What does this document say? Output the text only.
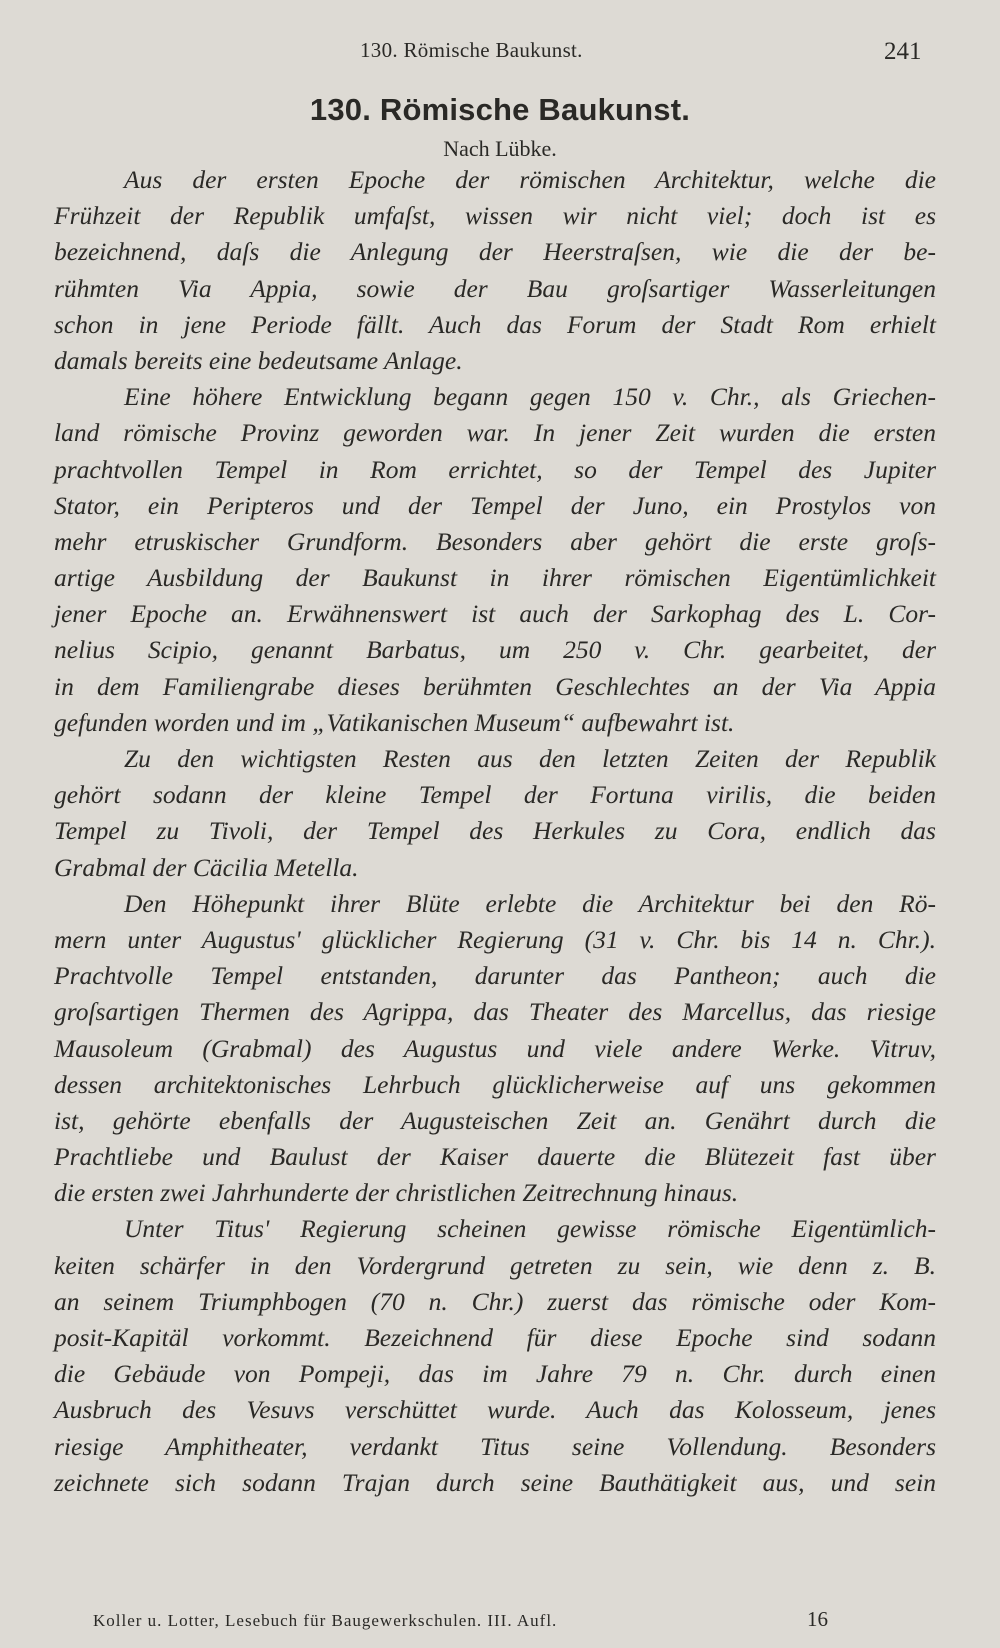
130. Römische Baukunst.	241
130. Römische Baukunst.
Nach Lübke.
Aus der ersten Epoche der römischen Architektur, welche die
Frühzeit der Republik umfaſst, wissen wir nicht viel; doch ist es
bezeichnend, daſs die Anlegung der Heerstraſsen, wie die der be-
rühmten Via Appia, sowie der Bau groſsartiger Wasserleitungen
schon in jene Periode fällt. Auch das Forum der Stadt Rom erhielt
damals bereits eine bedeutsame Anlage.
Eine höhere Entwicklung begann gegen 150 v. Chr., als Griechen-
land römische Provinz geworden war. In jener Zeit wurden die ersten
prachtvollen Tempel in Rom errichtet, so der Tempel des Jupiter
Stator, ein Peripteros und der Tempel der Juno, ein Prostylos von
mehr etruskischer Grundform. Besonders aber gehört die erste groſs-
artige Ausbildung der Baukunst in ihrer römischen Eigentümlichkeit
jener Epoche an. Erwähnenswert ist auch der Sarkophag des L. Cor-
nelius Scipio, genannt Barbatus, um 250 v. Chr. gearbeitet, der
in dem Familiengrabe dieses berühmten Geschlechtes an der Via Appia
gefunden worden und im „Vatikanischen Museum“ aufbewahrt ist.
Zu den wichtigsten Resten aus den letzten Zeiten der Republik
gehört sodann der kleine Tempel der Fortuna virilis, die beiden
Tempel zu Tivoli, der Tempel des Herkules zu Cora, endlich das
Grabmal der Cäcilia Metella.
Den Höhepunkt ihrer Blüte erlebte die Architektur bei den Rö-
mern unter Augustus' glücklicher Regierung (31 v. Chr. bis 14 n. Chr.).
Prachtvolle Tempel entstanden, darunter das Pantheon; auch die
groſsartigen Thermen des Agrippa, das Theater des Marcellus, das riesige
Mausoleum (Grabmal) des Augustus und viele andere Werke. Vitruv,
dessen architektonisches Lehrbuch glücklicherweise auf uns gekommen
ist, gehörte ebenfalls der Augusteischen Zeit an. Genährt durch die
Prachtliebe und Baulust der Kaiser dauerte die Blütezeit fast über
die ersten zwei Jahrhunderte der christlichen Zeitrechnung hinaus.
Unter Titus' Regierung scheinen gewisse römische Eigentümlich-
keiten schärfer in den Vordergrund getreten zu sein, wie denn z. B.
an seinem Triumphbogen (70 n. Chr.) zuerst das römische oder Kom-
posit-Kapitäl vorkommt. Bezeichnend für diese Epoche sind sodann
die Gebäude von Pompeji, das im Jahre 79 n. Chr. durch einen
Ausbruch des Vesuvs verschüttet wurde. Auch das Kolosseum, jenes
riesige Amphitheater, verdankt Titus seine Vollendung. Besonders
zeichnete sich sodann Trajan durch seine Bauthätigkeit aus, und sein
Koller u. Lotter, Lesebuch für Baugewerkschulen. III. Aufl.	16
